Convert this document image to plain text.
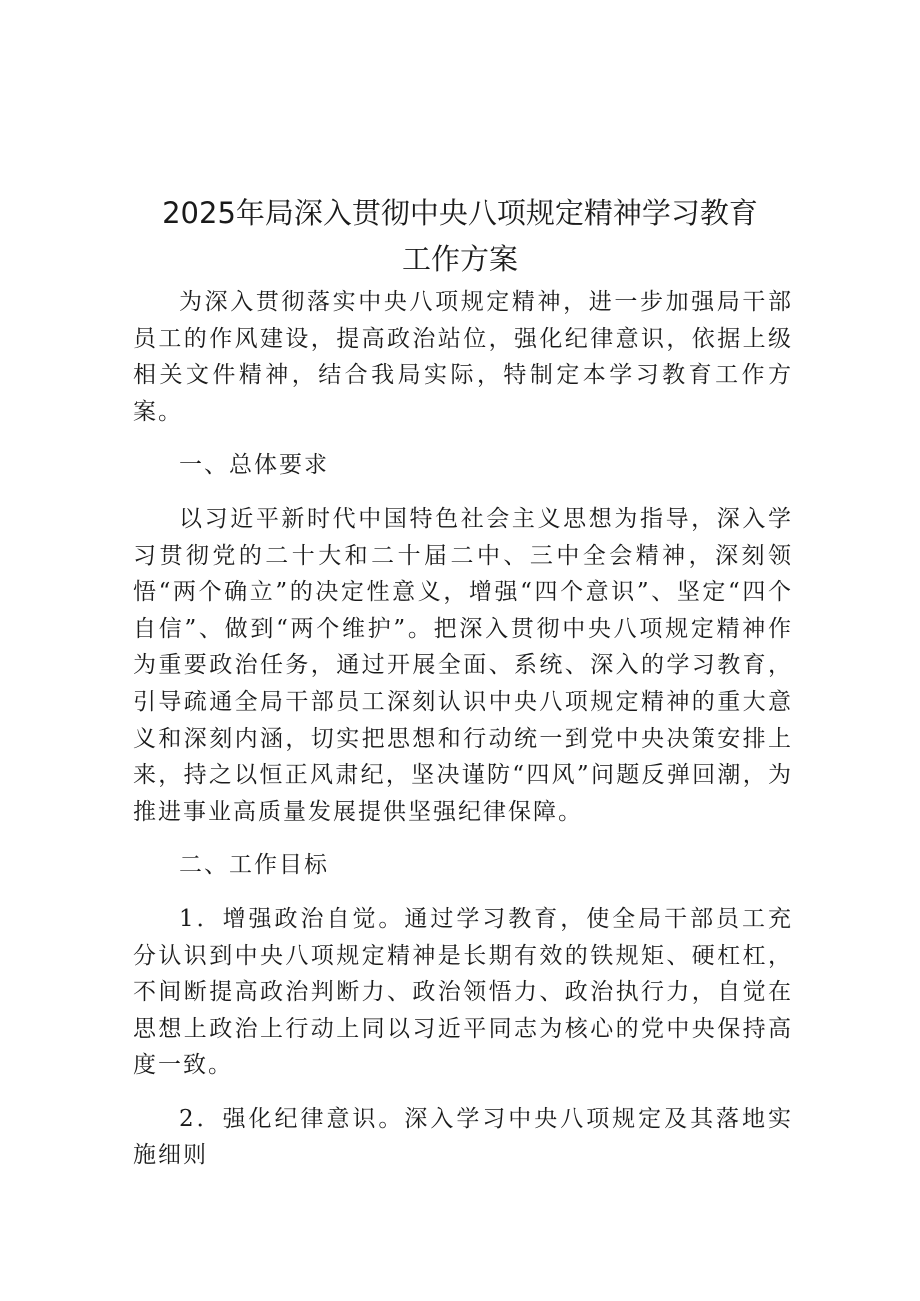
2025年局深入贯彻中央八项规定精神学习教育
工作方案

为深入贯彻落实中央八项规定精神，进一步加强局干部员工的作风建设，提高政治站位，强化纪律意识，依据上级相关文件精神，结合我局实际，特制定本学习教育工作方案。

一、总体要求

以习近平新时代中国特色社会主义思想为指导，深入学习贯彻党的二十大和二十届二中、三中全会精神，深刻领悟“两个确立”的决定性意义，增强“四个意识”、坚定“四个自信”、做到“两个维护”。把深入贯彻中央八项规定精神作为重要政治任务，通过开展全面、系统、深入的学习教育，引导疏通全局干部员工深刻认识中央八项规定精神的重大意义和深刻内涵，切实把思想和行动统一到党中央决策安排上来，持之以恒正风肃纪，坚决谨防“四风”问题反弹回潮，为推进事业高质量发展提供坚强纪律保障。

二、工作目标

1．增强政治自觉。通过学习教育，使全局干部员工充分认识到中央八项规定精神是长期有效的铁规矩、硬杠杠，不间断提高政治判断力、政治领悟力、政治执行力，自觉在思想上政治上行动上同以习近平同志为核心的党中央保持高度一致。

2．强化纪律意识。深入学习中央八项规定及其落地实施细则
